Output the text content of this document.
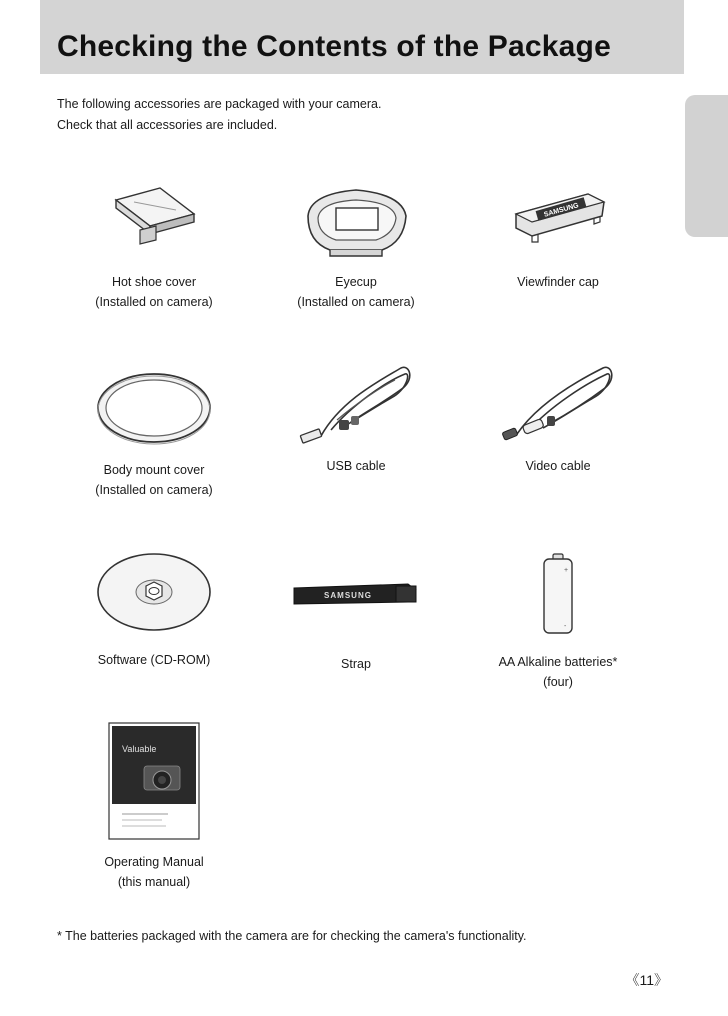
Checking the Contents of the Package
The following accessories are packaged with your camera.
Check that all accessories are included.
Hot shoe cover
(Installed on camera)
Eyecup
(Installed on camera)
SAMSUNG
Viewfinder cap
Body mount cover
(Installed on camera)
USB cable	Video cable
Software (CD-ROM)
SAMSUNG
Strap
+
-
AA Alkaline batteries*
(four)
Valuable
Operating Manual
(this manual)
* The batteries packaged with the camera are for checking the camera's functionality.
《11》
